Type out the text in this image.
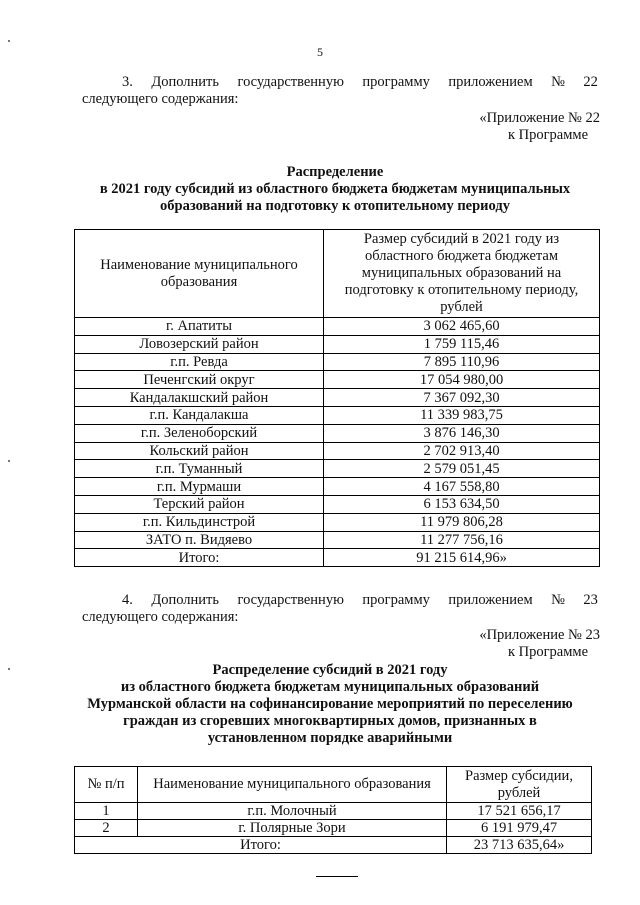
5
3. Дополнить государственную программу приложением № 22
следующего содержания:
«Приложение № 22
к Программе
Распределение
в 2021 году субсидий из областного бюджета бюджетам муниципальных
образований на подготовку к отопительному периоду
Наименование муниципального образования	Размер субсидий в 2021 году из областного бюджета бюджетам муниципальных образований на подготовку к отопительному периоду, рублей
г. Апатиты	3 062 465,60
Ловозерский район	1 759 115,46
г.п. Ревда	7 895 110,96
Печенгский округ	17 054 980,00
Кандалакшский район	7 367 092,30
г.п. Кандалакша	11 339 983,75
г.п. Зеленоборский	3 876 146,30
Кольский район	2 702 913,40
г.п. Туманный	2 579 051,45
г.п. Мурмаши	4 167 558,80
Терский район	6 153 634,50
г.п. Кильдинстрой	11 979 806,28
ЗАТО п. Видяево	11 277 756,16
Итого:	91 215 614,96»
4. Дополнить государственную программу приложением № 23
следующего содержания:
«Приложение № 23
к Программе
Распределение субсидий в 2021 году
из областного бюджета бюджетам муниципальных образований
Мурманской области на софинансирование мероприятий по переселению
граждан из сгоревших многоквартирных домов, признанных в
установленном порядке аварийными
№ п/п	Наименование муниципального образования	Размер субсидии, рублей
1	г.п. Молочный	17 521 656,17
2	г. Полярные Зори	6 191 979,47
Итого:		23 713 635,64»
